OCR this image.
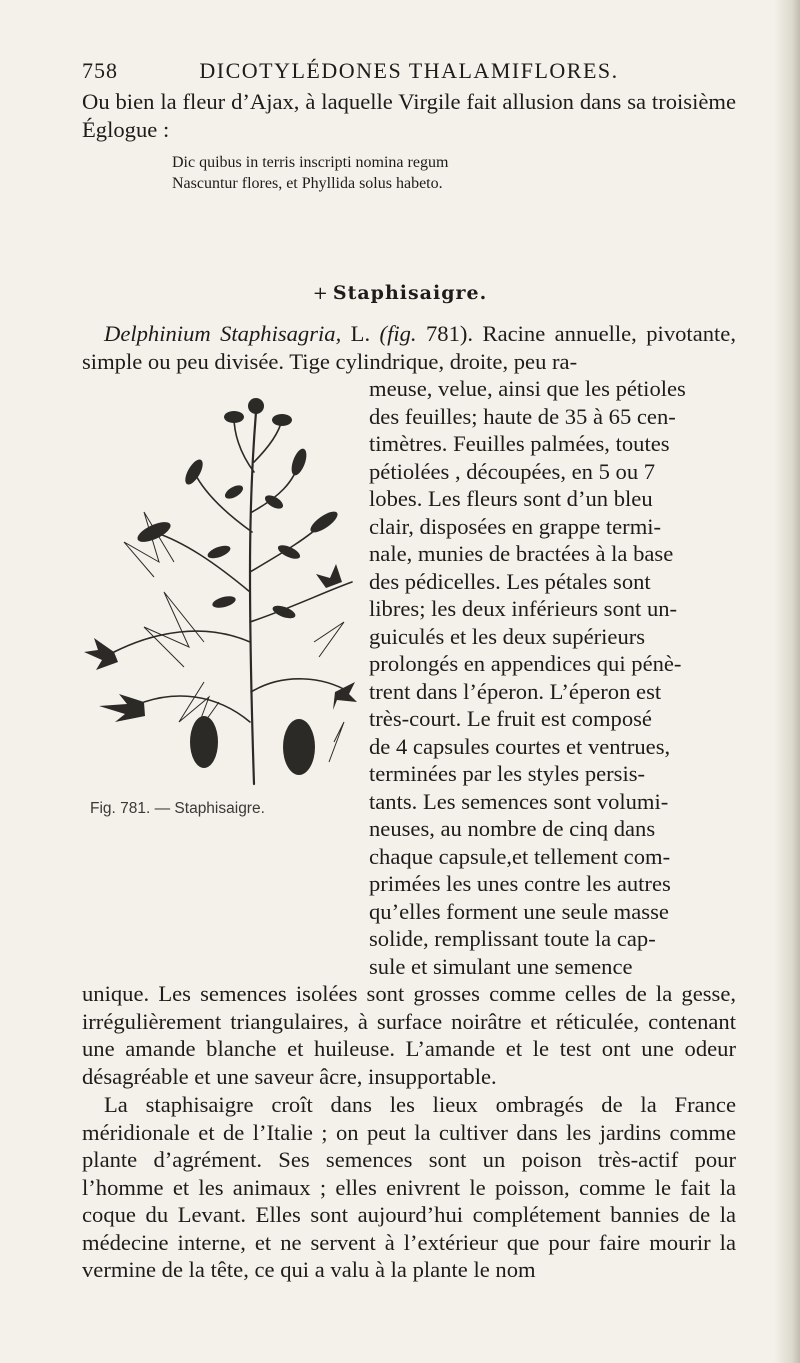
758	DICOTYLÉDONES THALAMIFLORES.

Ou bien la fleur d’Ajax, à laquelle Virgile fait allusion dans sa troisième Églogue :

Dic quibus in terris inscripti nomina regum
Nascuntur flores, et Phyllida solus habeto.
+ Staphisaigre.

Delphinium Staphisagria, L. (fig. 781). Racine annuelle, pivotante, simple ou peu divisée. Tige cylindrique, droite, peu ra-

meuse, velue, ainsi que les pétioles
des feuilles; haute de 35 à 65 cen-
timètres. Feuilles palmées, toutes
pétiolées , découpées, en 5 ou 7
lobes. Les fleurs sont d’un bleu
clair, disposées en grappe termi-
nale, munies de bractées à la base
des pédicelles. Les pétales sont
libres; les deux inférieurs sont un-
guiculés et les deux supérieurs
prolongés en appendices qui pénè-
trent dans l’éperon. L’éperon est
très-court. Le fruit est composé
de 4 capsules courtes et ventrues,
terminées par les styles persis-
tants. Les semences sont volumi-
neuses, au nombre de cinq dans
chaque capsule,et tellement com-
primées les unes contre les autres
qu’elles forment une seule masse
solide, remplissant toute la cap-
sule et simulant une semence
Fig. 781. — Staphisaigre.

unique. Les semences isolées sont grosses comme celles de la gesse, irrégulièrement triangulaires, à surface noirâtre et réticulée, contenant une amande blanche et huileuse. L’amande et le test ont une odeur désagréable et une saveur âcre, insupportable.

La staphisaigre croît dans les lieux ombragés de la France méridionale et de l’Italie ; on peut la cultiver dans les jardins comme plante d’agrément. Ses semences sont un poison très-actif pour l’homme et les animaux ; elles enivrent le poisson, comme le fait la coque du Levant. Elles sont aujourd’hui complétement bannies de la médecine interne, et ne servent à l’extérieur que pour faire mourir la vermine de la tête, ce qui a valu à la plante le nom
